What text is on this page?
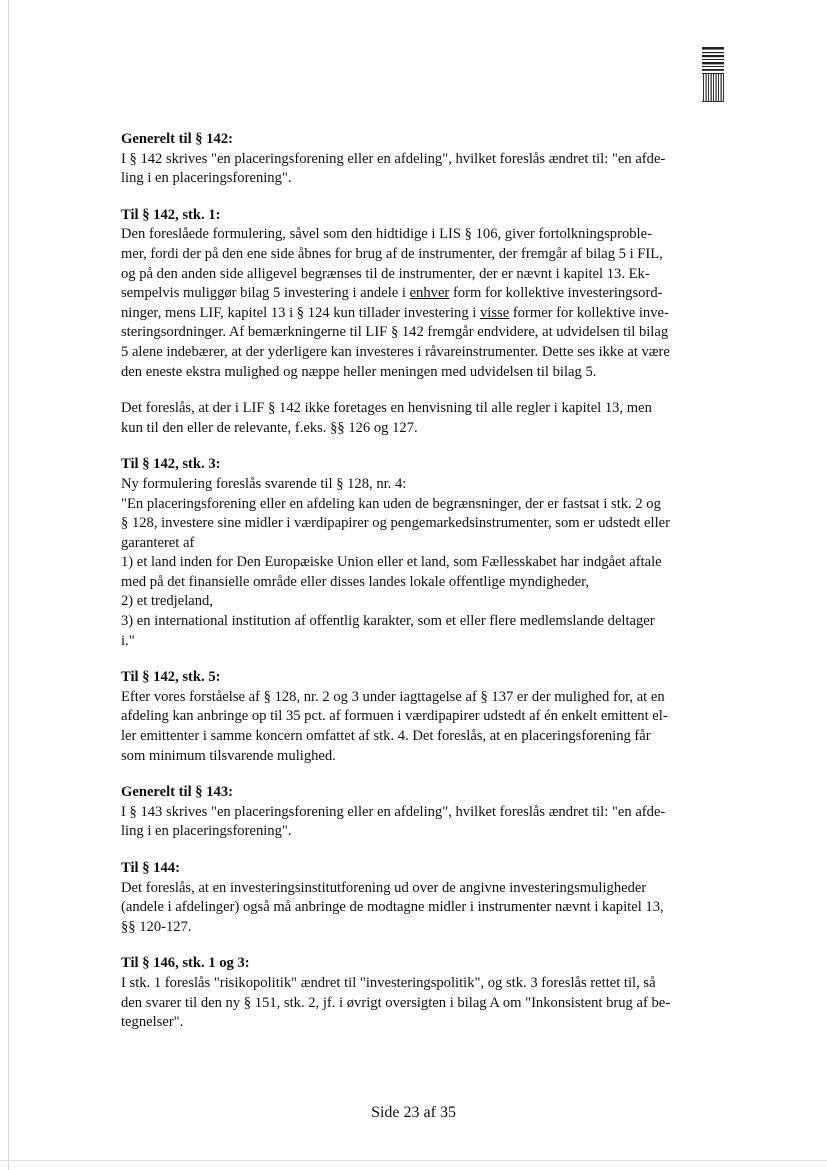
Generelt til § 142:
I § 142 skrives "en placeringsforening eller en afdeling", hvilket foreslås ændret til: "en afde-
ling i en placeringsforening".
Til § 142, stk. 1:
Den foreslåede formulering, såvel som den hidtidige i LIS § 106, giver fortolkningsproble-
mer, fordi der på den ene side åbnes for brug af de instrumenter, der fremgår af bilag 5 i FIL,
og på den anden side alligevel begrænses til de instrumenter, der er nævnt i kapitel 13. Ek-
sempelvis muliggør bilag 5 investering i andele i enhver form for kollektive investeringsord-
ninger, mens LIF, kapitel 13 i § 124 kun tillader investering i visse former for kollektive inve-
steringsordninger. Af bemærkningerne til LIF § 142 fremgår endvidere, at udvidelsen til bilag
5 alene indebærer, at der yderligere kan investeres i råvareinstrumenter. Dette ses ikke at være
den eneste ekstra mulighed og næppe heller meningen med udvidelsen til bilag 5.
Det foreslås, at der i LIF § 142 ikke foretages en henvisning til alle regler i kapitel 13, men
kun til den eller de relevante, f.eks. §§ 126 og 127.
Til § 142, stk. 3:
Ny formulering foreslås svarende til § 128, nr. 4:
"En placeringsforening eller en afdeling kan uden de begrænsninger, der er fastsat i stk. 2 og
§ 128, investere sine midler i værdipapirer og pengemarkedsinstrumenter, som er udstedt eller
garanteret af
1) et land inden for Den Europæiske Union eller et land, som Fællesskabet har indgået aftale
med på det finansielle område eller disses landes lokale offentlige myndigheder,
2) et tredjeland,
3) en international institution af offentlig karakter, som et eller flere medlemslande deltager
i."
Til § 142, stk. 5:
Efter vores forståelse af § 128, nr. 2 og 3 under iagttagelse af § 137 er der mulighed for, at en
afdeling kan anbringe op til 35 pct. af formuen i værdipapirer udstedt af én enkelt emittent el-
ler emittenter i samme koncern omfattet af stk. 4. Det foreslås, at en placeringsforening får
som minimum tilsvarende mulighed.
Generelt til § 143:
I § 143 skrives "en placeringsforening eller en afdeling", hvilket foreslås ændret til: "en afde-
ling i en placeringsforening".
Til § 144:
Det foreslås, at en investeringsinstitutforening ud over de angivne investeringsmuligheder
(andele i afdelinger) også må anbringe de modtagne midler i instrumenter nævnt i kapitel 13,
§§ 120-127.
Til § 146, stk. 1 og 3:
I stk. 1 foreslås "risikopolitik" ændret til "investeringspolitik", og stk. 3 foreslås rettet til, så
den svarer til den ny § 151, stk. 2, jf. i øvrigt oversigten i bilag A om "Inkonsistent brug af be-
tegnelser".
Side 23 af 35
